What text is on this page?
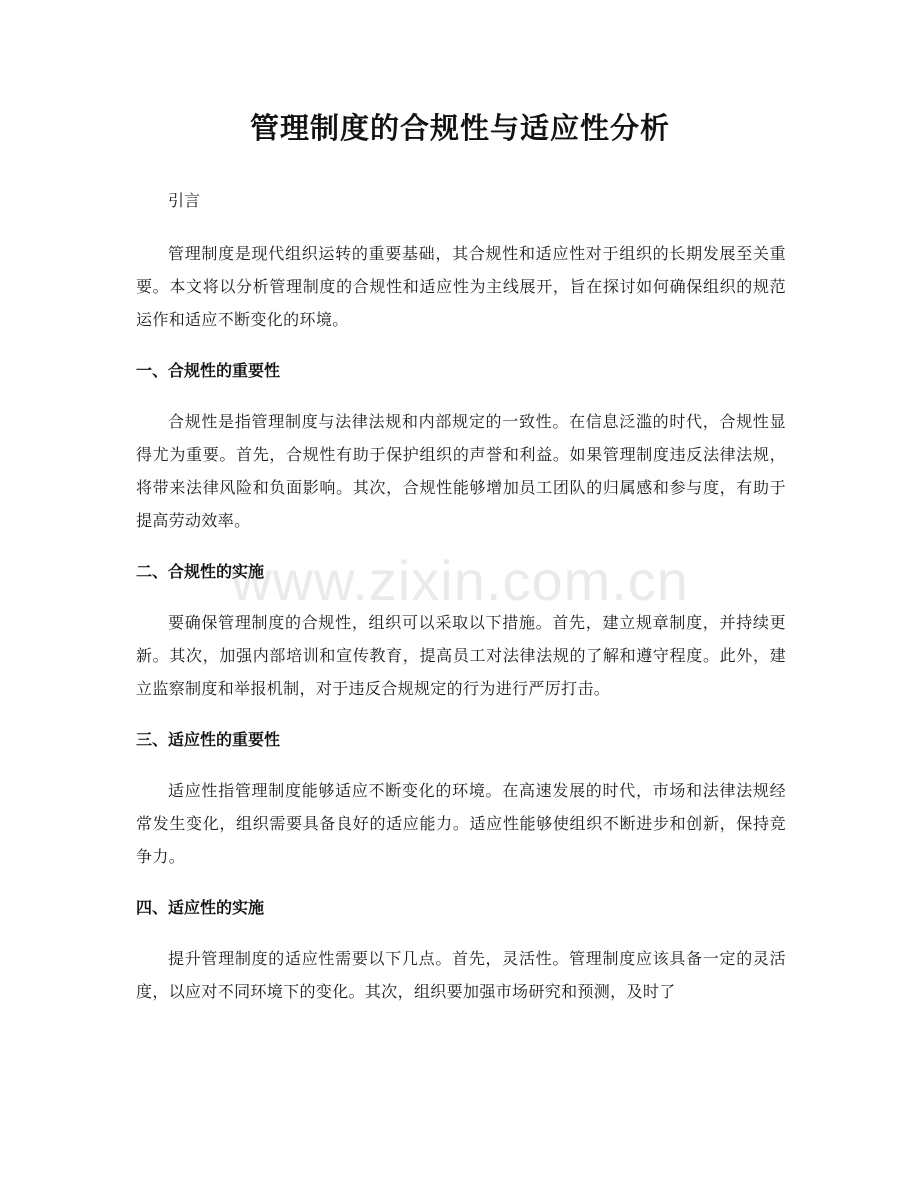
管理制度的合规性与适应性分析
引言

管理制度是现代组织运转的重要基础，其合规性和适应性对于组织的长期发展至关重要。本文将以分析管理制度的合规性和适应性为主线展开，旨在探讨如何确保组织的规范运作和适应不断变化的环境。

一、合规性的重要性

合规性是指管理制度与法律法规和内部规定的一致性。在信息泛滥的时代，合规性显得尤为重要。首先，合规性有助于保护组织的声誉和利益。如果管理制度违反法律法规，将带来法律风险和负面影响。其次，合规性能够增加员工团队的归属感和参与度，有助于提高劳动效率。

二、合规性的实施

要确保管理制度的合规性，组织可以采取以下措施。首先，建立规章制度，并持续更新。其次，加强内部培训和宣传教育，提高员工对法律法规的了解和遵守程度。此外，建立监察制度和举报机制，对于违反合规规定的行为进行严厉打击。

三、适应性的重要性

适应性指管理制度能够适应不断变化的环境。在高速发展的时代，市场和法律法规经常发生变化，组织需要具备良好的适应能力。适应性能够使组织不断进步和创新，保持竞争力。

四、适应性的实施

提升管理制度的适应性需要以下几点。首先，灵活性。管理制度应该具备一定的灵活度，以应对不同环境下的变化。其次，组织要加强市场研究和预测，及时了

www.zixin.com.cn
